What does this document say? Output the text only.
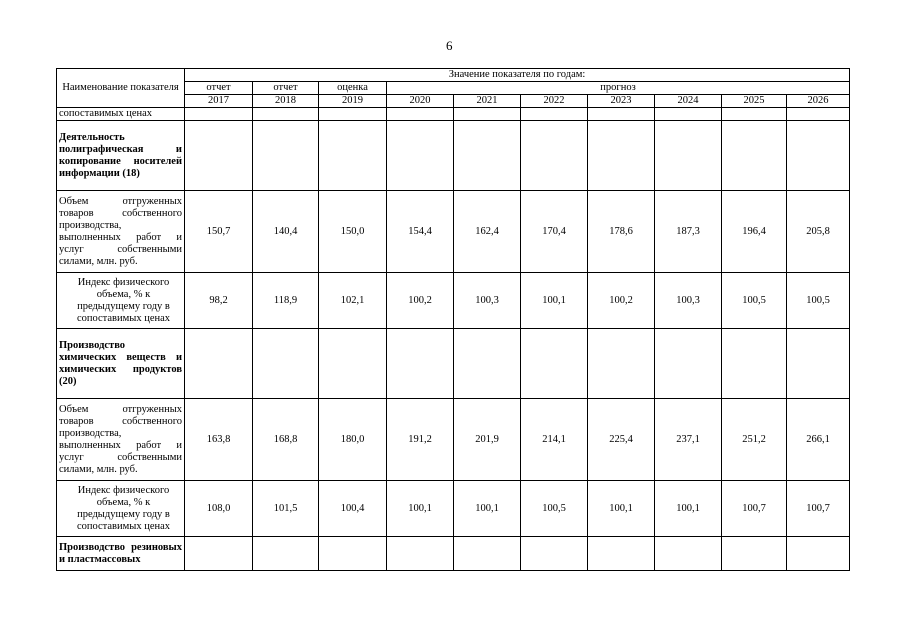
6
Наименование показателя	Значение показателя по годам:									
	отчет	отчет	оценка	прогноз						
	2017	2018	2019	2020	2021	2022	2023	2024	2025	2026
сопоставимых ценах										
Деятельность полиграфическая и копирование носителей информации (18)										
Объем отгруженных товаров собственного производства, выполненных работ и услуг собственными силами, млн. руб.	150,7	140,4	150,0	154,4	162,4	170,4	178,6	187,3	196,4	205,8
Индекс физического объема, % к предыдущему году в сопоставимых ценах	98,2	118,9	102,1	100,2	100,3	100,1	100,2	100,3	100,5	100,5
Производство химических веществ и химических продуктов (20)										
Объем отгруженных товаров собственного производства, выполненных работ и услуг собственными силами, млн. руб.	163,8	168,8	180,0	191,2	201,9	214,1	225,4	237,1	251,2	266,1
Индекс физического объема, % к предыдущему году в сопоставимых ценах	108,0	101,5	100,4	100,1	100,1	100,5	100,1	100,1	100,7	100,7
Производство резиновых и пластмассовых										
